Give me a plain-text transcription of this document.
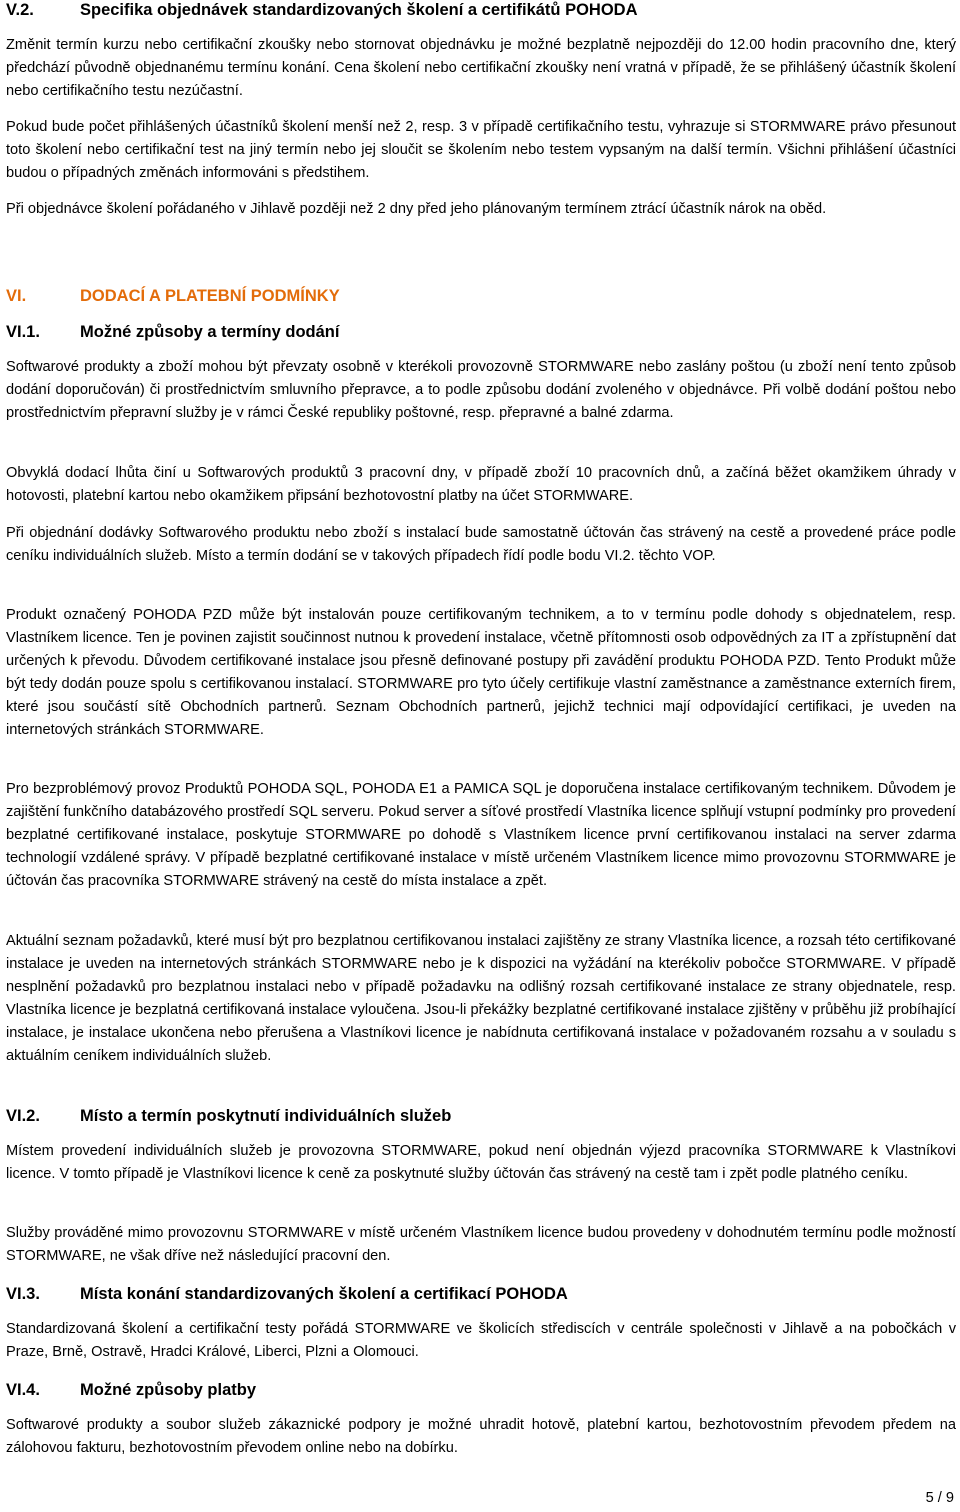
V.2.	Specifika objednávek standardizovaných školení a certifikátů POHODA

Změnit termín kurzu nebo certifikační zkoušky nebo stornovat objednávku je možné bezplatně nejpozději do 12.00 hodin pracovního dne, který předchází původně objednanému termínu konání. Cena školení nebo certifikační zkoušky není vratná v případě, že se přihlášený účastník školení nebo certifikačního testu nezúčastní.

Pokud bude počet přihlášených účastníků školení menší než 2, resp. 3 v případě certifikačního testu, vyhrazuje si STORMWARE právo přesunout toto školení nebo certifikační test na jiný termín nebo jej sloučit se školením nebo testem vypsaným na další termín. Všichni přihlášení účastníci budou o případných změnách informováni s předstihem.

Při objednávce školení pořádaného v Jihlavě později než 2 dny před jeho plánovaným termínem ztrácí účastník nárok na oběd.

VI.	DODACÍ A PLATEBNÍ PODMÍNKY
VI.1.	Možné způsoby a termíny dodání

Softwarové produkty a zboží mohou být převzaty osobně v kterékoli provozovně STORMWARE nebo zaslány poštou (u zboží není tento způsob dodání doporučován) či prostřednictvím smluvního přepravce, a to podle způsobu dodání zvoleného v objednávce. Při volbě dodání poštou nebo prostřednictvím přepravní služby je v rámci České republiky poštovné, resp. přepravné a balné zdarma.

Obvyklá dodací lhůta činí u Softwarových produktů 3 pracovní dny, v případě zboží 10 pracovních dnů, a začíná běžet okamžikem úhrady v hotovosti, platební kartou nebo okamžikem připsání bezhotovostní platby na účet STORMWARE.

Při objednání dodávky Softwarového produktu nebo zboží s instalací bude samostatně účtován čas strávený na cestě a provedené práce podle ceníku individuálních služeb. Místo a termín dodání se v takových případech řídí podle bodu VI.2. těchto VOP.

Produkt označený POHODA PZD může být instalován pouze certifikovaným technikem, a to v termínu podle dohody s objednatelem, resp. Vlastníkem licence. Ten je povinen zajistit součinnost nutnou k provedení instalace, včetně přítomnosti osob odpovědných za IT a zpřístupnění dat určených k převodu. Důvodem certifikované instalace jsou přesně definované postupy při zavádění produktu POHODA PZD. Tento Produkt může být tedy dodán pouze spolu s certifikovanou instalací. STORMWARE pro tyto účely certifikuje vlastní zaměstnance a zaměstnance externích firem, které jsou součástí sítě Obchodních partnerů. Seznam Obchodních partnerů, jejichž technici mají odpovídající certifikaci, je uveden na internetových stránkách STORMWARE.

Pro bezproblémový provoz Produktů POHODA SQL, POHODA E1 a PAMICA SQL je doporučena instalace certifikovaným technikem. Důvodem je zajištění funkčního databázového prostředí SQL serveru. Pokud server a síťové prostředí Vlastníka licence splňují vstupní podmínky pro provedení bezplatné certifikované instalace, poskytuje STORMWARE po dohodě s Vlastníkem licence první certifikovanou instalaci na server zdarma technologií vzdálené správy. V případě bezplatné certifikované instalace v místě určeném Vlastníkem licence mimo provozovnu STORMWARE je účtován čas pracovníka STORMWARE strávený na cestě do místa instalace a zpět.

Aktuální seznam požadavků, které musí být pro bezplatnou certifikovanou instalaci zajištěny ze strany Vlastníka licence, a rozsah této certifikované instalace je uveden na internetových stránkách STORMWARE nebo je k dispozici na vyžádání na kterékoliv pobočce STORMWARE. V případě nesplnění požadavků pro bezplatnou instalaci nebo v případě požadavku na odlišný rozsah certifikované instalace ze strany objednatele, resp. Vlastníka licence je bezplatná certifikovaná instalace vyloučena. Jsou-li překážky bezplatné certifikované instalace zjištěny v průběhu již probíhající instalace, je instalace ukončena nebo přerušena a Vlastníkovi licence je nabídnuta certifikovaná instalace v požadovaném rozsahu a v souladu s aktuálním ceníkem individuálních služeb.

VI.2.	Místo a termín poskytnutí individuálních služeb

Místem provedení individuálních služeb je provozovna STORMWARE, pokud není objednán výjezd pracovníka STORMWARE k Vlastníkovi licence. V tomto případě je Vlastníkovi licence k ceně za poskytnuté služby účtován čas strávený na cestě tam i zpět podle platného ceníku.

Služby prováděné mimo provozovnu STORMWARE v místě určeném Vlastníkem licence budou provedeny v dohodnutém termínu podle možností STORMWARE, ne však dříve než následující pracovní den.

VI.3.	Místa konání standardizovaných školení a certifikací POHODA

Standardizovaná školení a certifikační testy pořádá STORMWARE ve školicích střediscích v centrále společnosti v Jihlavě a na pobočkách v Praze, Brně, Ostravě, Hradci Králové, Liberci, Plzni a Olomouci.

VI.4.	Možné způsoby platby

Softwarové produkty a soubor služeb zákaznické podpory je možné uhradit hotově, platební kartou, bezhotovostním převodem předem na zálohovou fakturu, bezhotovostním převodem online nebo na dobírku.

5 / 9
